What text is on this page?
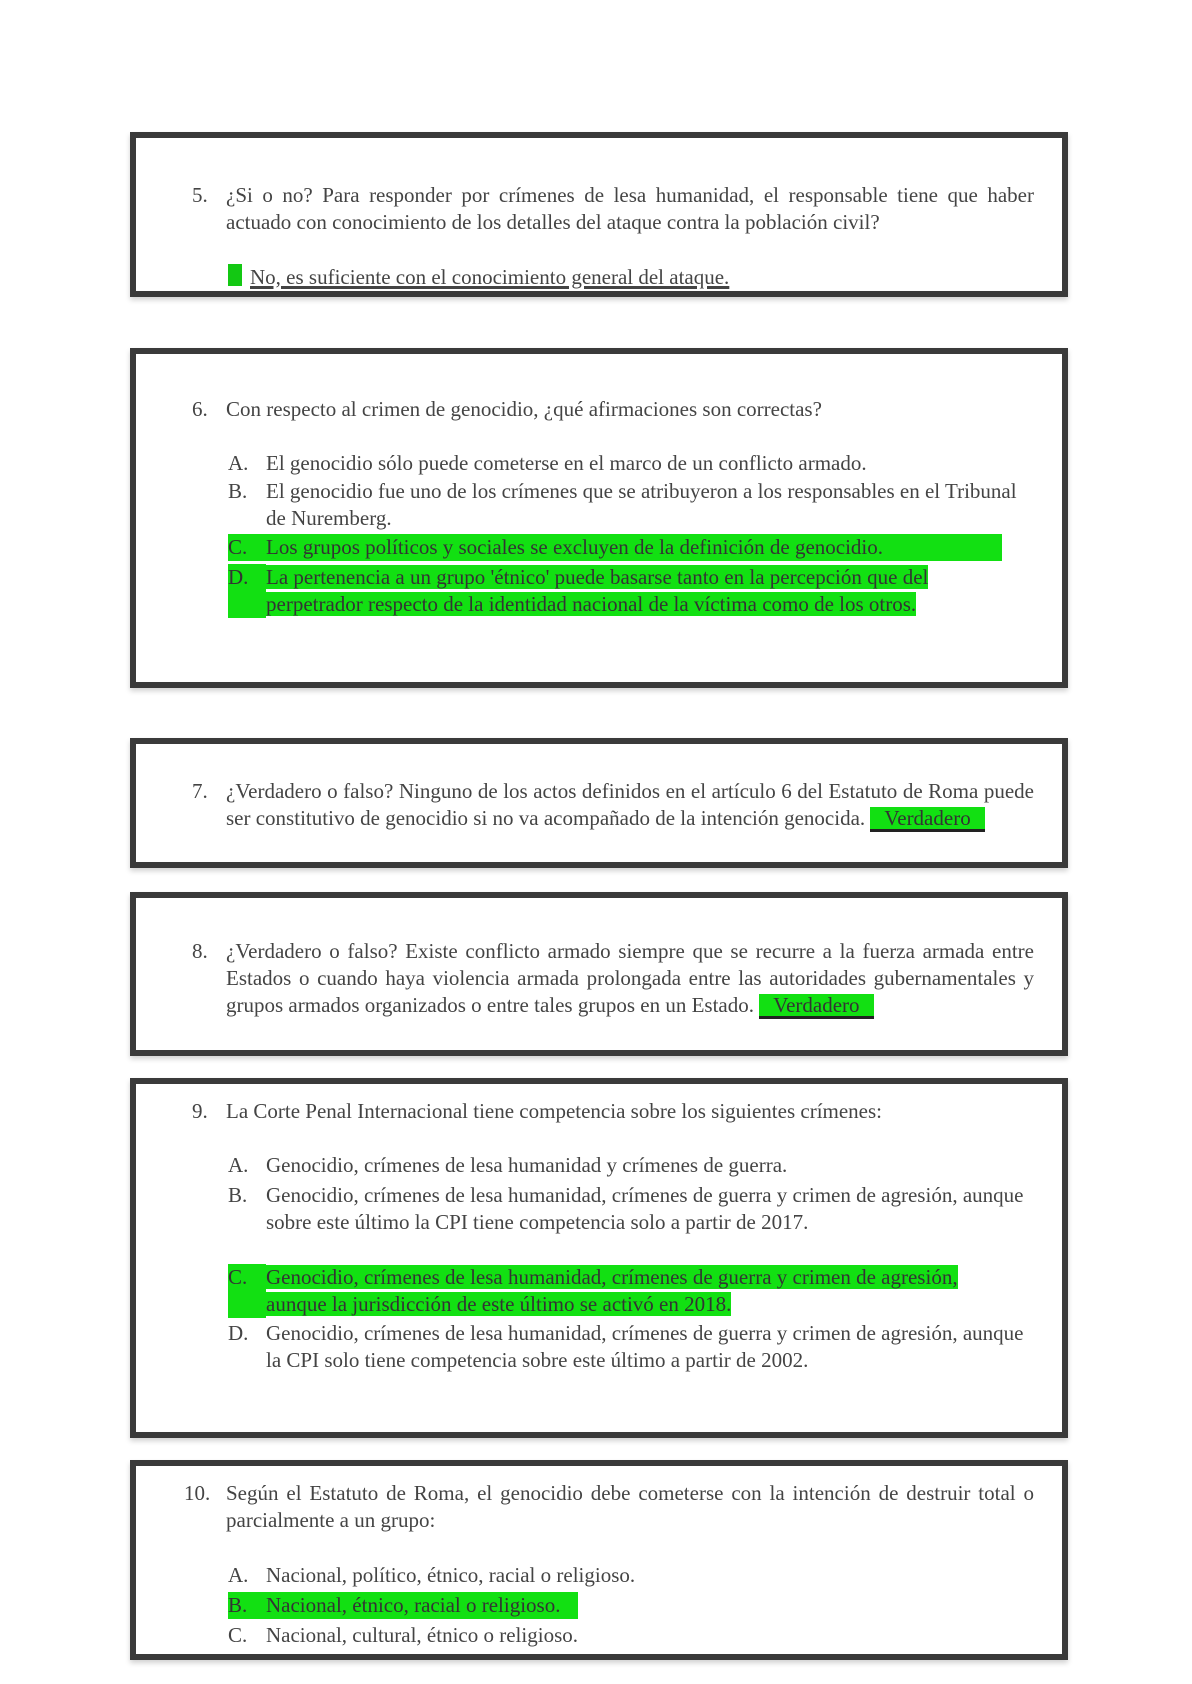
5. ¿Si o no? Para responder por crímenes de lesa humanidad, el responsable tiene que haber actuado con conocimiento de los detalles del ataque contra la población civil?
No, es suficiente con el conocimiento general del ataque.
6. Con respecto al crimen de genocidio, ¿qué afirmaciones son correctas?
A. El genocidio sólo puede cometerse en el marco de un conflicto armado.
B. El genocidio fue uno de los crímenes que se atribuyeron a los responsables en el Tribunal de Nuremberg.
C. Los grupos políticos y sociales se excluyen de la definición de genocidio.
D. La pertenencia a un grupo 'étnico' puede basarse tanto en la percepción que del perpetrador respecto de la identidad nacional de la víctima como de los otros.
7. ¿Verdadero o falso? Ninguno de los actos definidos en el artículo 6 del Estatuto de Roma puede ser constitutivo de genocidio si no va acompañado de la intención genocida. Verdadero
8. ¿Verdadero o falso? Existe conflicto armado siempre que se recurre a la fuerza armada entre Estados o cuando haya violencia armada prolongada entre las autoridades gubernamentales y grupos armados organizados o entre tales grupos en un Estado. Verdadero
9. La Corte Penal Internacional tiene competencia sobre los siguientes crímenes:
A. Genocidio, crímenes de lesa humanidad y crímenes de guerra.
B. Genocidio, crímenes de lesa humanidad, crímenes de guerra y crimen de agresión, aunque sobre este último la CPI tiene competencia solo a partir de 2017.
C. Genocidio, crímenes de lesa humanidad, crímenes de guerra y crimen de agresión, aunque la jurisdicción de este último se activó en 2018.
D. Genocidio, crímenes de lesa humanidad, crímenes de guerra y crimen de agresión, aunque la CPI solo tiene competencia sobre este último a partir de 2002.
10. Según el Estatuto de Roma, el genocidio debe cometerse con la intención de destruir total o parcialmente a un grupo:
A. Nacional, político, étnico, racial o religioso.
B. Nacional, étnico, racial o religioso.
C. Nacional, cultural, étnico o religioso.
